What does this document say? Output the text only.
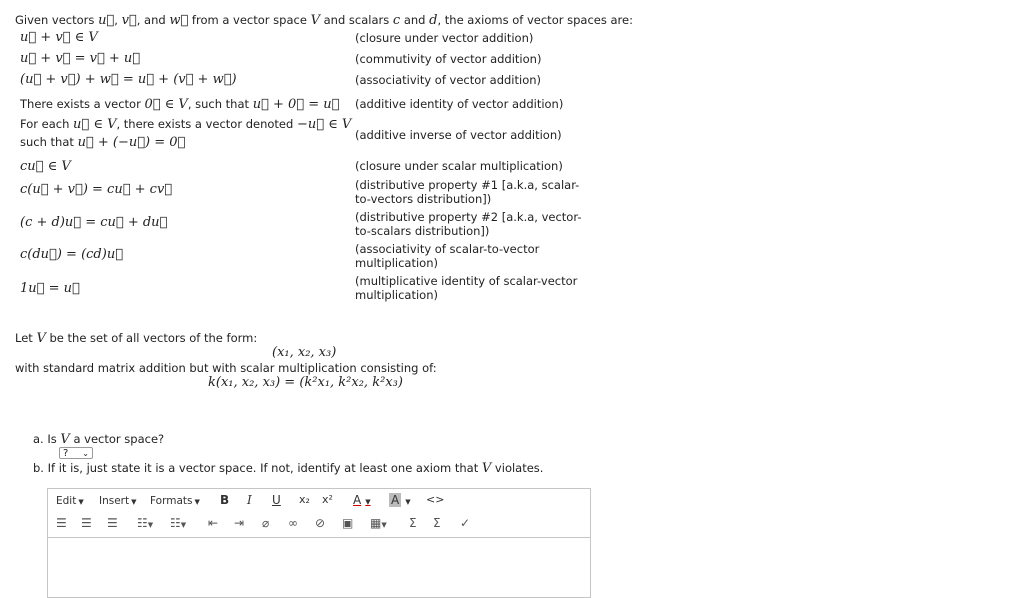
Given vectors u⃗, v⃗, and w⃗ from a vector space V and scalars c and d, the axioms of vector spaces are:
u⃗ + v⃗ ∈ V
u⃗ + v⃗ = v⃗ + u⃗
(u⃗ + v⃗) + w⃗ = u⃗ + (v⃗ + w⃗)
There exists a vector 0⃗ ∈ V, such that u⃗ + 0⃗ = u⃗
For each u⃗ ∈ V, there exists a vector denoted −u⃗ ∈ V
such that u⃗ + (−u⃗) = 0⃗
cu⃗ ∈ V
c(u⃗ + v⃗) = cu⃗ + cv⃗
(c + d)u⃗ = cu⃗ + du⃗
c(du⃗) = (cd)u⃗
1u⃗ = u⃗
(closure under vector addition)
(commutivity of vector addition)
(associativity of vector addition)
(additive identity of vector addition)
(additive inverse of vector addition)
(closure under scalar multiplication)
(distributive property #1 [a.k.a, scalar-to-vectors distribution])
(distributive property #2 [a.k.a, vector-to-scalars distribution])
(associativity of scalar-to-vector multiplication)
(multiplicative identity of scalar-vector multiplication)
Let V be the set of all vectors of the form:
(x₁, x₂, x₃)
with standard matrix addition but with scalar multiplication consisting of:
k(x₁, x₂, x₃) = (k²x₁, k²x₂, k²x₃)
a. Is V a vector space?
? ⌄
b. If it is, just state it is a vector space. If not, identify at least one axiom that V violates.
Edit ▼ Insert ▼ Formats ▼ B I U x₂ x² A ▼ A ▼ <>
☰ ☰ ☰ ☷▼ ☷▼ ⇤ ⇥ ⌀ ∞ ⊘ ▣ ▦▼ Σ Σ ✓
